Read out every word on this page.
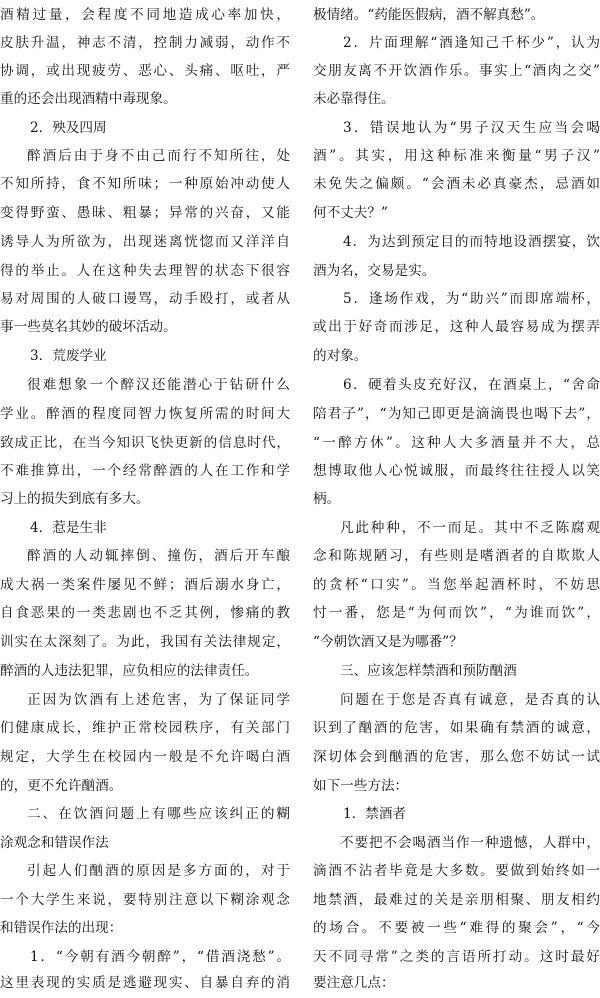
酒精过量，会程度不同地造成心率加快，
皮肤升温，神志不清，控制力减弱，动作不
协调，或出现疲劳、恶心、头痛、呕吐，严
重的还会出现酒精中毒现象。
2．殃及四周
醉酒后由于身不由己而行不知所往，处
不知所持，食不知所味；一种原始冲动使人
变得野蛮、愚昧、粗暴；异常的兴奋，又能
诱导人为所欲为，出现迷离恍惚而又洋洋自
得的举止。人在这种失去理智的状态下很容
易对周围的人破口谩骂，动手殴打，或者从
事一些莫名其妙的破坏活动。
3．荒废学业
很难想象一个醉汉还能潜心于钻研什么
学业。醉酒的程度同智力恢复所需的时间大
致成正比，在当今知识飞快更新的信息时代，
不难推算出，一个经常醉酒的人在工作和学
习上的损失到底有多大。
4．惹是生非
醉酒的人动辄摔倒、撞伤，酒后开车酿
成大祸一类案件屡见不鲜；酒后溺水身亡，
自食恶果的一类悲剧也不乏其例，惨痛的教
训实在太深刻了。为此，我国有关法律规定，
醉酒的人违法犯罪，应负相应的法律责任。
正因为饮酒有上述危害，为了保证同学
们健康成长，维护正常校园秩序，有关部门
规定，大学生在校园内一般是不允许喝白酒
的，更不允许酗酒。
二、在饮酒问题上有哪些应该纠正的糊
涂观念和错误作法
引起人们酗酒的原因是多方面的，对于
一个大学生来说，要特别注意以下糊涂观念
和错误作法的出现：
1．“今朝有酒今朝醉”，“借酒浇愁”。
这里表现的实质是逃避现实、自暴自弃的消
极情绪。“药能医假病，酒不解真愁”。
2．片面理解“酒逢知己千杯少”，认为
交朋友离不开饮酒作乐。事实上“酒肉之交”
未必靠得住。
3．错误地认为“男子汉天生应当会喝
酒”。其实，用这种标准来衡量“男子汉”
未免失之偏颇。“会酒未必真豪杰，忌酒如
何不丈夫？”
4．为达到预定目的而特地设酒摆宴，饮
酒为名，交易是实。
5．逢场作戏，为“助兴”而即席端杯，
或出于好奇而涉足，这种人最容易成为摆弄
的对象。
6．硬着头皮充好汉，在酒桌上，“舍命
陪君子”，“为知己即更是滴滴畏也喝下去”，
“一醉方休”。这种人大多酒量并不大，总
想博取他人心悦诚服，而最终往往授人以笑
柄。
凡此种种，不一而足。其中不乏陈腐观
念和陈规陋习，有些则是嗜酒者的自欺欺人
的贪杯“口实”。当您举起酒杯时，不妨思
忖一番，您是“为何而饮”，“为谁而饮”，
“今朝饮酒又是为哪番”？
三、应该怎样禁酒和预防酗酒
问题在于您是否真有诚意，是否真的认
识到了酗酒的危害，如果确有禁酒的诚意，
深切体会到酗酒的危害，那么您不妨试一试
如下一些方法：
1．禁酒者
不要把不会喝酒当作一种遗憾，人群中，
滴酒不沾者毕竟是大多数。要做到始终如一
地禁酒，最难过的关是亲朋相聚、朋友相约
的场合。不要被一些“难得的聚会”，“今
天不同寻常”之类的言语所打动。这时最好
要注意几点：
